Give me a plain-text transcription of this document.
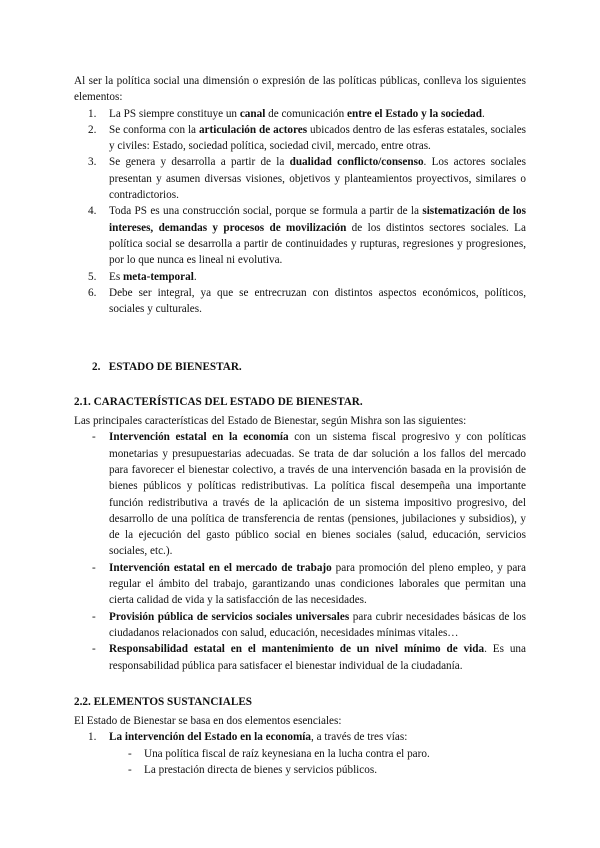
Al ser la política social una dimensión o expresión de las políticas públicas, conlleva los siguientes elementos:

1. La PS siempre constituye un canal de comunicación entre el Estado y la sociedad.
2. Se conforma con la articulación de actores ubicados dentro de las esferas estatales, sociales y civiles: Estado, sociedad política, sociedad civil, mercado, entre otras.
3. Se genera y desarrolla a partir de la dualidad conflicto/consenso. Los actores sociales presentan y asumen diversas visiones, objetivos y planteamientos proyectivos, similares o contradictorios.
4. Toda PS es una construcción social, porque se formula a partir de la sistematización de los intereses, demandas y procesos de movilización de los distintos sectores sociales. La política social se desarrolla a partir de continuidades y rupturas, regresiones y progresiones, por lo que nunca es lineal ni evolutiva.
5. Es meta-temporal.
6. Debe ser integral, ya que se entrecruzan con distintos aspectos económicos, políticos, sociales y culturales.
2. ESTADO DE BIENESTAR.
2.1. CARACTERÍSTICAS DEL ESTADO DE BIENESTAR.

Las principales características del Estado de Bienestar, según Mishra son las siguientes:

- Intervención estatal en la economía con un sistema fiscal progresivo y con políticas monetarias y presupuestarias adecuadas. Se trata de dar solución a los fallos del mercado para favorecer el bienestar colectivo, a través de una intervención basada en la provisión de bienes públicos y políticas redistributivas. La política fiscal desempeña una importante función redistributiva a través de la aplicación de un sistema impositivo progresivo, del desarrollo de una política de transferencia de rentas (pensiones, jubilaciones y subsidios), y de la ejecución del gasto público social en bienes sociales (salud, educación, servicios sociales, etc.).
- Intervención estatal en el mercado de trabajo para promoción del pleno empleo, y para regular el ámbito del trabajo, garantizando unas condiciones laborales que permitan una cierta calidad de vida y la satisfacción de las necesidades.
- Provisión pública de servicios sociales universales para cubrir necesidades básicas de los ciudadanos relacionados con salud, educación, necesidades mínimas vitales…
- Responsabilidad estatal en el mantenimiento de un nivel mínimo de vida. Es una responsabilidad pública para satisfacer el bienestar individual de la ciudadanía.
2.2. ELEMENTOS SUSTANCIALES

El Estado de Bienestar se basa en dos elementos esenciales:

1. La intervención del Estado en la economía, a través de tres vías:
- Una política fiscal de raíz keynesiana en la lucha contra el paro.
- La prestación directa de bienes y servicios públicos.
